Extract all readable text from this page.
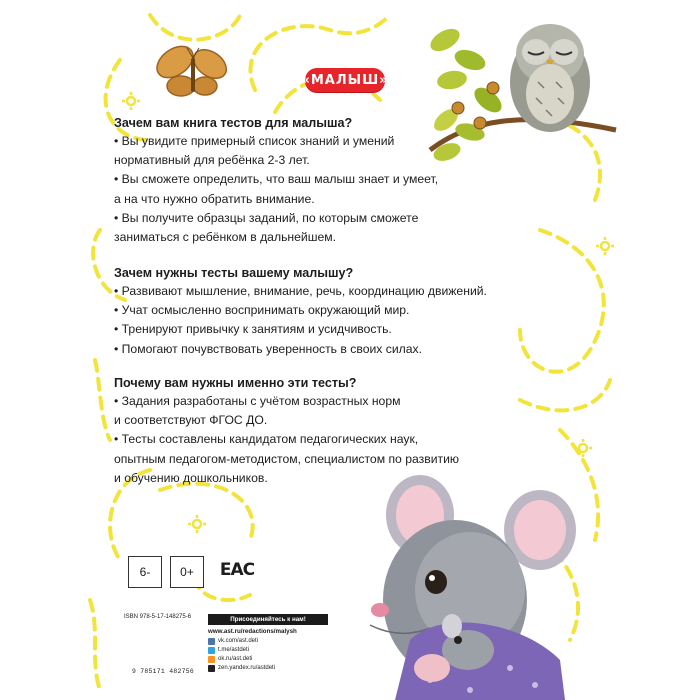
«МАЛЫШ»

Зачем вам книга тестов для малыша?

• Вы увидите примерный список знаний и умений

нормативный для ребёнка 2-3 лет.

• Вы сможете определить, что ваш малыш знает и умеет,

а на что нужно обратить внимание.

• Вы получите образцы заданий, по которым сможете

заниматься с ребёнком в дальнейшем.

Зачем нужны тесты вашему малышу?

• Развивают мышление, внимание, речь, координацию движений.

• Учат осмысленно воспринимать окружающий мир.

• Тренируют привычку к занятиям и усидчивость.

• Помогают почувствовать уверенность в своих силах.

Почему вам нужны именно эти тесты?

• Задания разработаны с учётом возрастных норм

и соответствуют ФГОС ДО.

• Тесты составлены кандидатом педагогических наук,

опытным педагогом-методистом, специалистом по развитию

и обучению дошкольников.

6-	0+	EAC
ISBN 978-5-17-148275-6
9 785171 482756
Присоединяйтесь к нам!
www.ast.ru/redactions/malysh
vk.com/ast.deti
t.me/astdeti
ok.ru/ast.deti
zen.yandex.ru/astdeti
